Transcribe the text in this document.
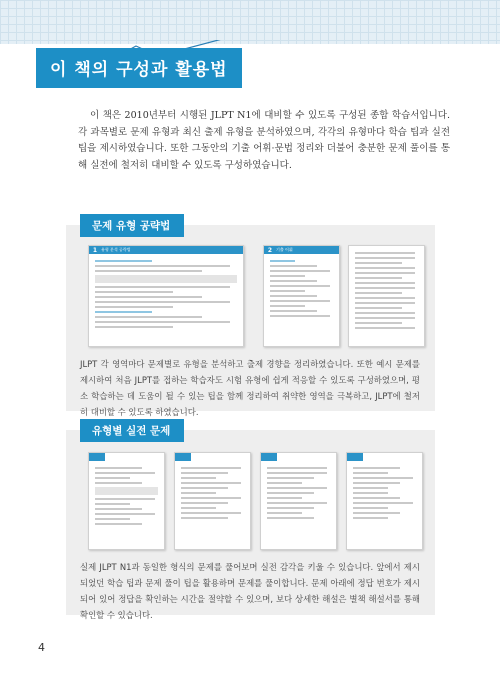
이 책의 구성과 활용법

이 책은 2010년부터 시행된 JLPT N1에 대비할 수 있도록 구성된 종합 학습서입니다. 각 과목별로 문제 유형과 최신 출제 유형을 분석하였으며, 각각의 유형마다 학습 팁과 실전 팁을 제시하였습니다. 또한 그동안의 기출 어휘·문법 정리와 더불어 충분한 문제 풀이를 통해 실전에 철저히 대비할 수 있도록 구성하였습니다.

문제 유형 공략법
1 유형 분석 공략법	2 기출 어휘

JLPT 각 영역마다 문제별로 유형을 분석하고 출제 경향을 정리하였습니다. 또한 예시 문제를 제시하여 처음 JLPT를 접하는 학습자도 시험 유형에 쉽게 적응할 수 있도록 구성하였으며, 평소 학습하는 데 도움이 될 수 있는 팁을 함께 정리하여 취약한 영역을 극복하고, JLPT에 철저히 대비할 수 있도록 하였습니다.

유형별 실전 문제

실제 JLPT N1과 동일한 형식의 문제를 풀어보며 실전 감각을 키울 수 있습니다. 앞에서 제시되었던 학습 팁과 문제 풀이 팁을 활용하며 문제를 풀이합니다. 문제 아래에 정답 번호가 제시되어 있어 정답을 확인하는 시간을 절약할 수 있으며, 보다 상세한 해설은 별책 해설서를 통해 확인할 수 있습니다.

4
